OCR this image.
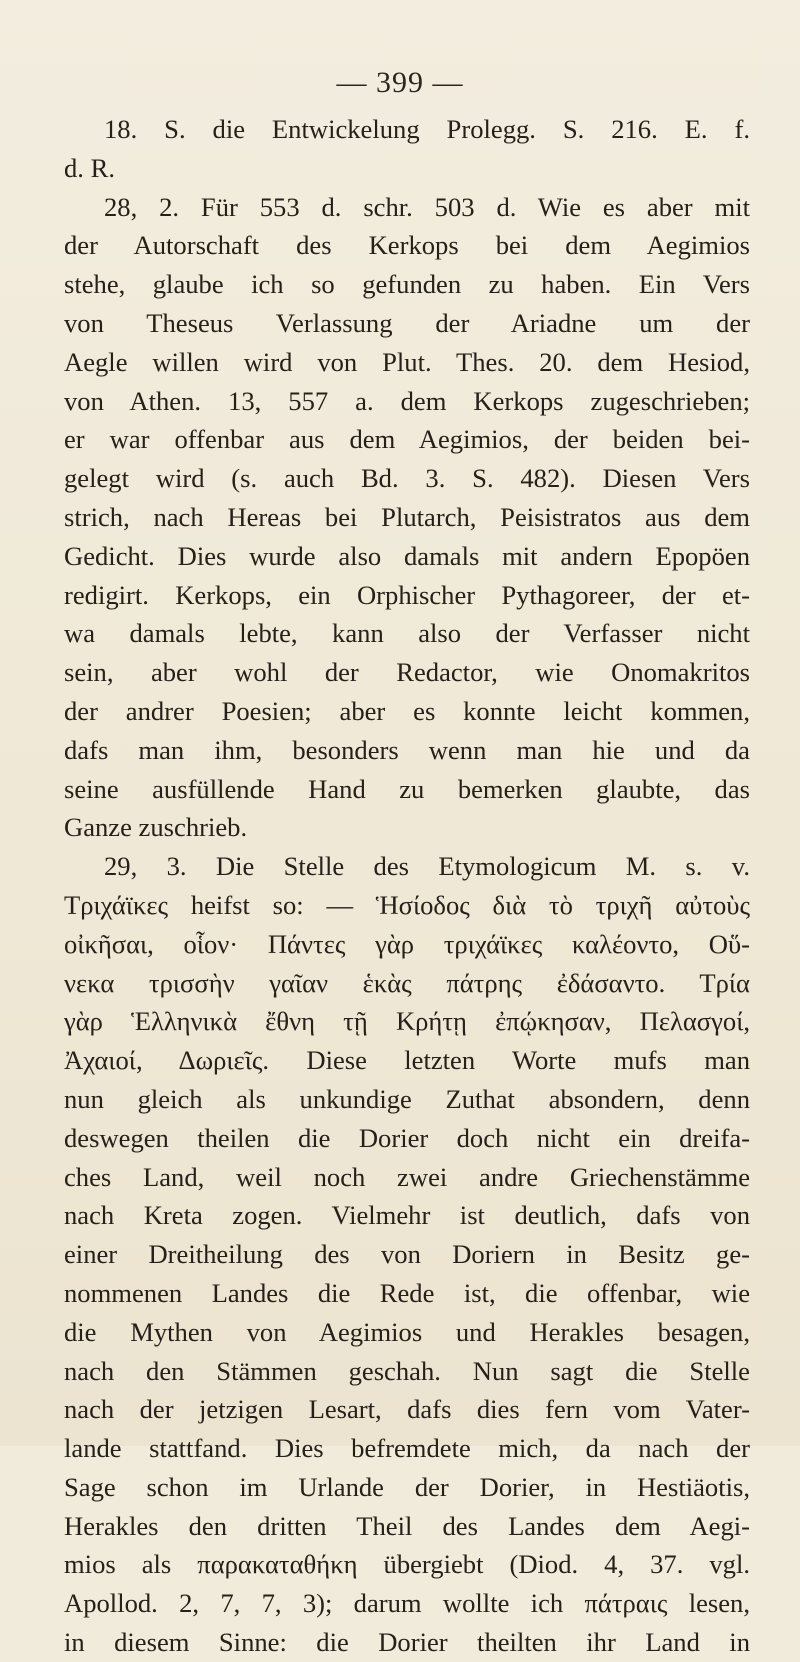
— 399 —
18. S. die Entwickelung Prolegg. S. 216. E. f.
d. R.
28, 2. Für 553 d. schr. 503 d. Wie es aber mit
der Autorschaft des Kerkops bei dem Aegimios
stehe, glaube ich so gefunden zu haben. Ein Vers
von Theseus Verlassung der Ariadne um der
Aegle willen wird von Plut. Thes. 20. dem Hesiod,
von Athen. 13, 557 a. dem Kerkops zugeschrieben;
er war offenbar aus dem Aegimios, der beiden bei-
gelegt wird (s. auch Bd. 3. S. 482). Diesen Vers
strich, nach Hereas bei Plutarch, Peisistratos aus dem
Gedicht. Dies wurde also damals mit andern Epopöen
redigirt. Kerkops, ein Orphischer Pythagoreer, der et-
wa damals lebte, kann also der Verfasser nicht
sein, aber wohl der Redactor, wie Onomakritos
der andrer Poesien; aber es konnte leicht kommen,
dafs man ihm, besonders wenn man hie und da
seine ausfüllende Hand zu bemerken glaubte, das
Ganze zuschrieb.
29, 3. Die Stelle des Etymologicum M. s. v.
Τριχάϊκες heifst so: — Ἡσίοδος διὰ τὸ τριχῆ αὐτοὺς
οἰκῆσαι, οἷον· Πάντες γὰρ τριχάϊκες καλέοντο, Οὕ-
νεκα τρισσὴν γαῖαν ἑκὰς πάτρης ἐδάσαντο. Τρία
γὰρ Ἑλληνικὰ ἔθνη τῇ Κρήτῃ ἐπῴκησαν, Πελασγοί,
Ἀχαιοί, Δωριεῖς. Diese letzten Worte mufs man
nun gleich als unkundige Zuthat absondern, denn
deswegen theilen die Dorier doch nicht ein dreifa-
ches Land, weil noch zwei andre Griechenstämme
nach Kreta zogen. Vielmehr ist deutlich, dafs von
einer Dreitheilung des von Doriern in Besitz ge-
nommenen Landes die Rede ist, die offenbar, wie
die Mythen von Aegimios und Herakles besagen,
nach den Stämmen geschah. Nun sagt die Stelle
nach der jetzigen Lesart, dafs dies fern vom Vater-
lande stattfand. Dies befremdete mich, da nach der
Sage schon im Urlande der Dorier, in Hestiäotis,
Herakles den dritten Theil des Landes dem Aegi-
mios als παρακαταθήκη übergiebt (Diod. 4, 37. vgl.
Apollod. 2, 7, 7, 3); darum wollte ich πάτραις lesen,
in diesem Sinne: die Dorier theilten ihr Land in
